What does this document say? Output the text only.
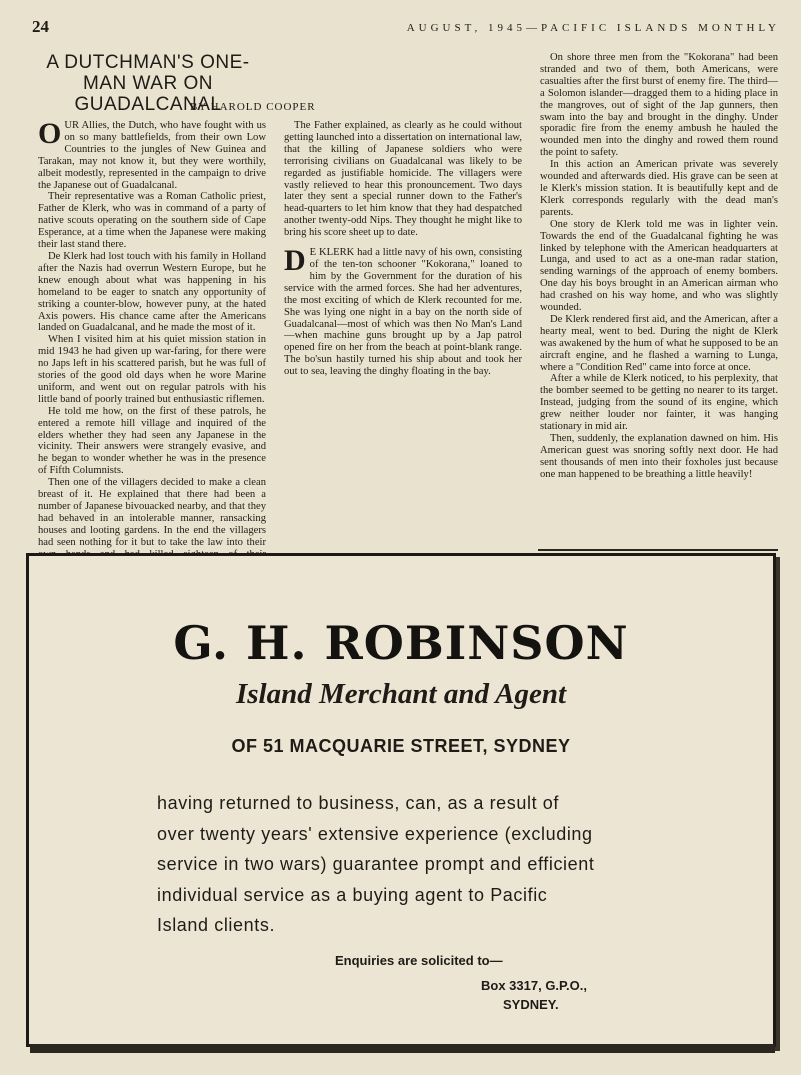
24	AUGUST, 1945—PACIFIC ISLANDS MONTHLY
A DUTCHMAN'S ONE-MAN WAR ON GUADALCANAL
BY HAROLD COOPER

OUR Allies, the Dutch, who have fought with us on so many battlefields, from their own Low Countries to the jungles of New Guinea and Tarakan, may not know it, but they were worthily, albeit modestly, represented in the campaign to drive the Japanese out of Guadalcanal.

Their representative was a Roman Catholic priest, Father de Klerk, who was in command of a party of native scouts operating on the southern side of Cape Esperance, at a time when the Japanese were making their last stand there.

De Klerk had lost touch with his family in Holland after the Nazis had overrun Western Europe, but he knew enough about what was happening in his homeland to be eager to snatch any opportunity of striking a counter-blow, however puny, at the hated Axis powers. His chance came after the Americans landed on Guadalcanal, and he made the most of it.

When I visited him at his quiet mission station in mid 1943 he had given up war-faring, for there were no Japs left in his scattered parish, but he was full of stories of the good old days when he wore Marine uniform, and went out on regular patrols with his little band of poorly trained but enthusiastic riflemen.

He told me how, on the first of these patrols, he entered a remote hill village and inquired of the elders whether they had seen any Japanese in the vicinity. Their answers were strangely evasive, and he began to wonder whether he was in the presence of Fifth Columnists.

Then one of the villagers decided to make a clean breast of it. He explained that there had been a number of Japanese bivouacked nearby, and that they had behaved in an intolerable manner, ransacking houses and looting gardens. In the end the villagers had seen nothing for it but to take the law into their

The Father explained, as clearly as he could without getting launched into a dissertation on international law, that the killing of Japanese soldiers who were terrorising civilians on Guadalcanal was likely to be regarded as justifiable homicide. The villagers were vastly relieved to hear this pronouncement. Two days later they sent a special runner down to the Father's head-quarters to let him know that they had despatched another twenty-odd Nips. They thought he might like to bring his score sheet up to date.

D E KLERK had a little navy of his own, consisting of the ten-ton schooner "Kokorana," loaned to him by the Government for the duration of his service with the armed forces. She had her adventures, the most exciting of which de Klerk recounted for me. She was lying one night in a bay on the north side of Guadalcanal—most of which was then No Man's Land—when machine guns brought up by a Jap patrol opened fire on her from the beach at point-blank range. The bo'sun hastily turned his ship about and took her out to sea, leaving the dinghy floating in the bay.

On shore three men from the "Kokorana" had been stranded and two of them, both Americans, were casualties after the first burst of enemy fire. The third—a Solomon islander—dragged them to a hiding place in the mangroves, out of sight of the Jap gunners, then swam into the bay and brought in the dinghy. Under sporadic fire from the enemy ambush he hauled the wounded men into the dinghy and rowed them round the point to safety.

In this action an American private was severely wounded and afterwards died. His grave can be seen at le Klerk's mission station. It is beautifully kept and de Klerk corresponds regularly with the dead man's parents.

One story de Klerk told me was in lighter vein. Towards the end of the Guadalcanal fighting he was linked by telephone with the American headquarters at Lunga, and used to act as a one-man radar station, sending warnings of the approach of enemy bombers. One day his boys brought in an American airman who had crashed on his way home, and who was slightly wounded.

De Klerk rendered first aid, and the American, after a hearty meal, went to bed. During the night de Klerk was awakened by the hum of what he supposed to be an aircraft engine, and he flashed a warning to Lunga, where a "Condition Red" came into force at once.

After a while de Klerk noticed, to his perplexity, that the bomber seemed to be getting no nearer to its target. Instead, judging from the sound of its engine, which grew neither louder nor fainter, it was hanging stationary in mid air.

Then, suddenly, the explanation dawned on him. His American guest was snoring softly next door. He had sent thousands of men into their foxholes just because one man happened to be breathing a little heavily!

G. H. ROBINSON
Island Merchant and Agent
OF 51 MACQUARIE STREET, SYDNEY
having returned to business, can, as a result of
over twenty years' extensive experience (excluding
service in two wars) guarantee prompt and efficient
individual service as a buying agent to Pacific
Island clients.
Enquiries are solicited to—
Box 3317, G.P.O.,
SYDNEY.
